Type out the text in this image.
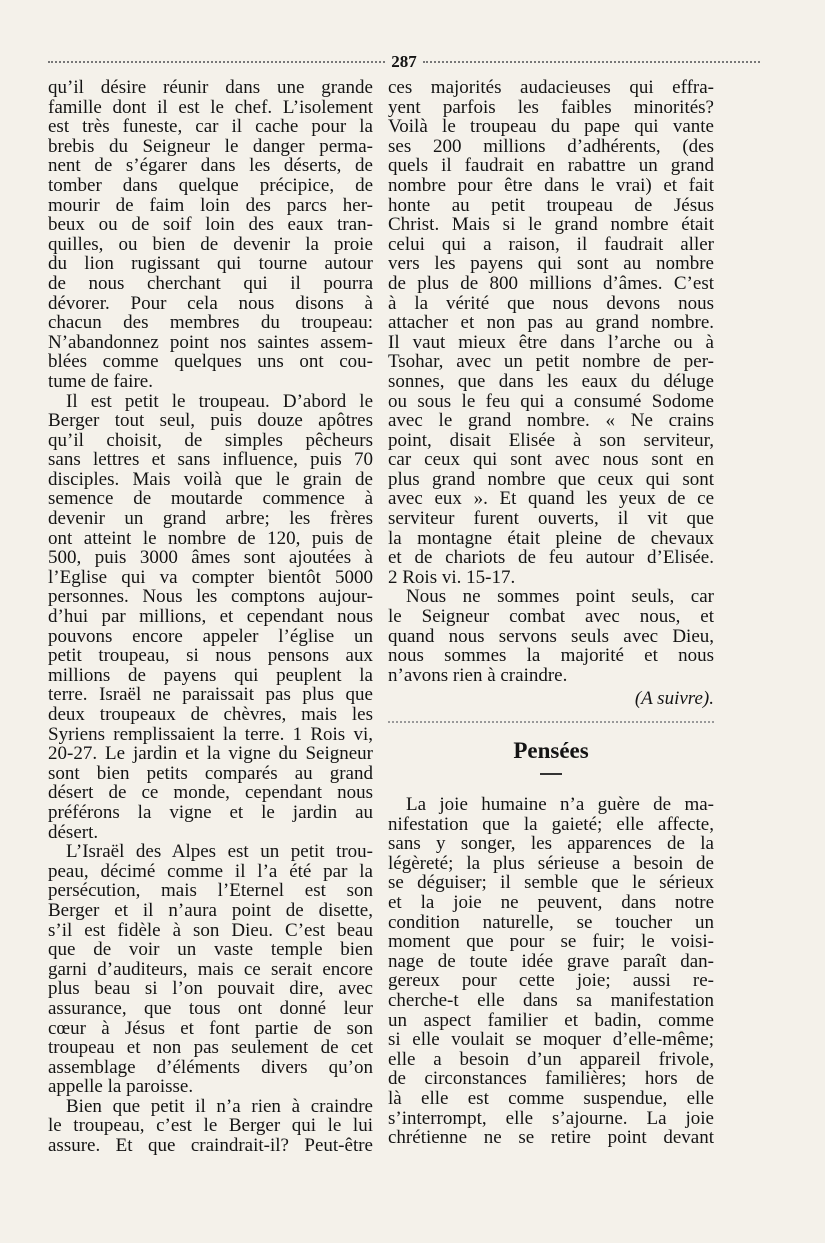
287
qu’il désire réunir dans une grande
famille dont il est le chef. L’isolement
est très funeste, car il cache pour la
brebis du Seigneur le danger perma-
nent de s’égarer dans les déserts, de
tomber dans quelque précipice, de
mourir de faim loin des parcs her-
beux ou de soif loin des eaux tran-
quilles, ou bien de devenir la proie
du lion rugissant qui tourne autour
de nous cherchant qui il pourra
dévorer. Pour cela nous disons à
chacun des membres du troupeau:
N’abandonnez point nos saintes assem-
blées comme quelques uns ont cou-
tume de faire.
Il est petit le troupeau. D’abord le
Berger tout seul, puis douze apôtres
qu’il choisit, de simples pêcheurs
sans lettres et sans influence, puis 70
disciples. Mais voilà que le grain de
semence de moutarde commence à
devenir un grand arbre; les frères
ont atteint le nombre de 120, puis de
500, puis 3000 âmes sont ajoutées à
l’Eglise qui va compter bientôt 5000
personnes. Nous les comptons aujour-
d’hui par millions, et cependant nous
pouvons encore appeler l’église un
petit troupeau, si nous pensons aux
millions de payens qui peuplent la
terre. Israël ne paraissait pas plus que
deux troupeaux de chèvres, mais les
Syriens remplissaient la terre. 1 Rois vi,
20-27. Le jardin et la vigne du Seigneur
sont bien petits comparés au grand
désert de ce monde, cependant nous
préférons la vigne et le jardin au
désert.
L’Israël des Alpes est un petit trou-
peau, décimé comme il l’a été par la
persécution, mais l’Eternel est son
Berger et il n’aura point de disette,
s’il est fidèle à son Dieu. C’est beau
que de voir un vaste temple bien
garni d’auditeurs, mais ce serait encore
plus beau si l’on pouvait dire, avec
assurance, que tous ont donné leur
cœur à Jésus et font partie de son
troupeau et non pas seulement de cet
assemblage d’éléments divers qu’on
appelle la paroisse.
Bien que petit il n’a rien à craindre
le troupeau, c’est le Berger qui le lui
assure. Et que craindrait-il? Peut-être
ces majorités audacieuses qui effra-
yent parfois les faibles minorités?
Voilà le troupeau du pape qui vante
ses 200 millions d’adhérents, (des
quels il faudrait en rabattre un grand
nombre pour être dans le vrai) et fait
honte au petit troupeau de Jésus
Christ. Mais si le grand nombre était
celui qui a raison, il faudrait aller
vers les payens qui sont au nombre
de plus de 800 millions d’âmes. C’est
à la vérité que nous devons nous
attacher et non pas au grand nombre.
Il vaut mieux être dans l’arche ou à
Tsohar, avec un petit nombre de per-
sonnes, que dans les eaux du déluge
ou sous le feu qui a consumé Sodome
avec le grand nombre. « Ne crains
point, disait Elisée à son serviteur,
car ceux qui sont avec nous sont en
plus grand nombre que ceux qui sont
avec eux ». Et quand les yeux de ce
serviteur furent ouverts, il vit que
la montagne était pleine de chevaux
et de chariots de feu autour d’Elisée.
2 Rois vi. 15-17.
Nous ne sommes point seuls, car
le Seigneur combat avec nous, et
quand nous servons seuls avec Dieu,
nous sommes la majorité et nous
n’avons rien à craindre.
(A suivre).
Pensées
La joie humaine n’a guère de ma-
nifestation que la gaieté; elle affecte,
sans y songer, les apparences de la
légèreté; la plus sérieuse a besoin de
se déguiser; il semble que le sérieux
et la joie ne peuvent, dans notre
condition naturelle, se toucher un
moment que pour se fuir; le voisi-
nage de toute idée grave paraît dan-
gereux pour cette joie; aussi re-
cherche-t elle dans sa manifestation
un aspect familier et badin, comme
si elle voulait se moquer d’elle-même;
elle a besoin d’un appareil frivole,
de circonstances familières; hors de
là elle est comme suspendue, elle
s’interrompt, elle s’ajourne. La joie
chrétienne ne se retire point devant
